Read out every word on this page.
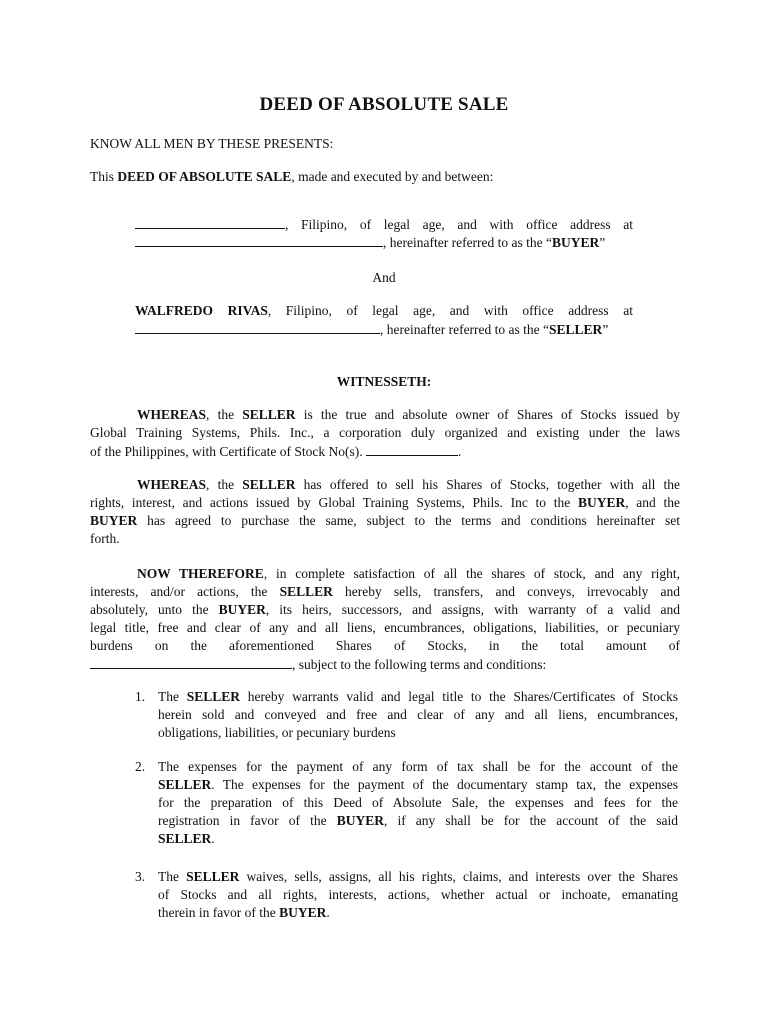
DEED OF ABSOLUTE SALE
KNOW ALL MEN BY THESE PRESENTS:
This DEED OF ABSOLUTE SALE, made and executed by and between:
, Filipino, of legal age, and with office address at
, hereinafter referred to as the “BUYER”
And
WALFREDO RIVAS, Filipino, of legal age, and with office address at
, hereinafter referred to as the “SELLER”
WITNESSETH:
WHEREAS, the SELLER is the true and absolute owner of Shares of Stocks issued by
Global Training Systems, Phils. Inc., a corporation duly organized and existing under the laws
of the Philippines, with Certificate of Stock No(s).	.
WHEREAS, the SELLER has offered to sell his Shares of Stocks, together with all the
rights, interest, and actions issued by Global Training Systems, Phils. Inc to the BUYER, and the
BUYER has agreed to purchase the same, subject to the terms and conditions hereinafter set
forth.
NOW THEREFORE, in complete satisfaction of all the shares of stock, and any right,
interests, and/or actions, the SELLER hereby sells, transfers, and conveys, irrevocably and
absolutely, unto the BUYER, its heirs, successors, and assigns, with warranty of a valid and
legal title, free and clear of any and all liens, encumbrances, obligations, liabilities, or pecuniary
burdens on the aforementioned Shares of Stocks, in the total amount of
, subject to the following terms and conditions:
1. The SELLER hereby warrants valid and legal title to the Shares/Certificates of Stocks
herein sold and conveyed and free and clear of any and all liens, encumbrances,
obligations, liabilities, or pecuniary burdens
2. The expenses for the payment of any form of tax shall be for the account of the
SELLER. The expenses for the payment of the documentary stamp tax, the expenses
for the preparation of this Deed of Absolute Sale, the expenses and fees for the
registration in favor of the BUYER, if any shall be for the account of the said
SELLER.
3. The SELLER waives, sells, assigns, all his rights, claims, and interests over the Shares
of Stocks and all rights, interests, actions, whether actual or inchoate, emanating
therein in favor of the BUYER.
